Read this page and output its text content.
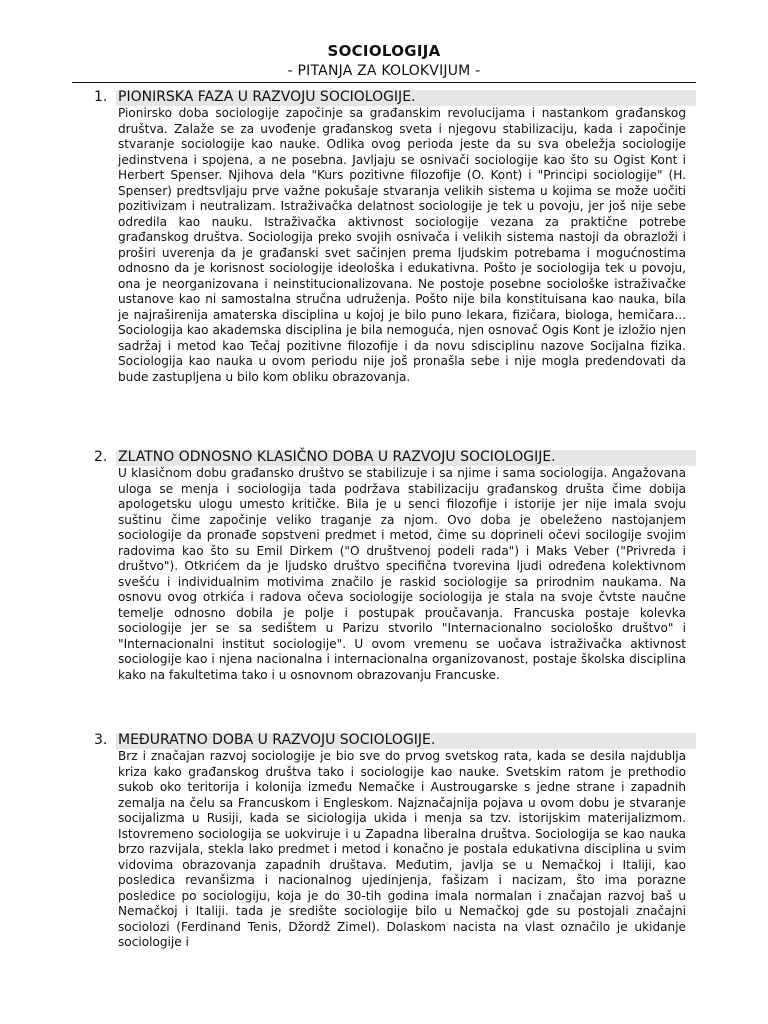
SOCIOLOGIJA
- PITANJA ZA KOLOKVIJUM -
1. PIONIRSKA FAZA U RAZVOJU SOCIOLOGIJE.
Pionirsko doba sociologije započinje sa građanskim revolucijama i nastankom građanskog društva. Zalaže se za uvođenje građanskog sveta i njegovu stabilizaciju, kada i započinje stvaranje sociologije kao nauke. Odlika ovog perioda jeste da su sva obeležja sociologije jedinstvena i spojena, a ne posebna. Javljaju se osnivači sociologije kao što su Ogist Kont i Herbert Spenser. Njihova dela "Kurs pozitivne filozofije (O. Kont) i "Principi sociologije" (H. Spenser) predtsvljaju prve važne pokušaje stvaranja velikih sistema u kojima se može uočiti pozitivizam i neutralizam. Istraživačka delatnost sociologije je tek u povoju, jer još nije sebe odredila kao nauku. Istraživačka aktivnost sociologije vezana za praktične potrebe građanskog društva. Sociologija preko svojih osnivača i velikih sistema nastoji da obrazloži i proširi uverenja da je građanski svet sačinjen prema ljudskim potrebama i mogućnostima odnosno da je korisnost sociologije ideološka i edukativna. Pošto je sociologija tek u povoju, ona je neorganizovana i neinstitucionalizovana. Ne postoje posebne sociološke istraživačke ustanove kao ni samostalna stručna udruženja. Pošto nije bila konstituisana kao nauka, bila je najraširenija amaterska disciplina u kojoj je bilo puno lekara, fizičara, biologa, hemičara... Sociologija kao akademska disciplina je bila nemoguća, njen osnovač Ogis Kont je izložio njen sadržaj i metod kao Tečaj pozitivne filozofije i da novu sdisciplinu nazove Socijalna fizika. Sociologija kao nauka u ovom periodu nije još pronašla sebe i nije mogla predendovati da bude zastupljena u bilo kom obliku obrazovanja.
2. ZLATNO ODNOSNO KLASIČNO DOBA U RAZVOJU SOCIOLOGIJE.
U klasičnom dobu građansko društvo se stabilizuje i sa njime i sama sociologija. Angažovana uloga se menja i sociologija tada podržava stabilizaciju građanskog društa čime dobija apologetsku ulogu umesto kritičke. Bila je u senci filozofije i istorije jer nije imala svoju suštinu čime započinje veliko traganje za njom. Ovo doba je obeleženo nastojanjem sociologije da pronađe sopstveni predmet i metod, čime su doprineli očevi socilogije svojim radovima kao što su Emil Dirkem ("O društvenoj podeli rada") i Maks Veber ("Privreda i društvo"). Otkrićem da je ljudsko društvo specifična tvorevina ljudi određena kolektivnom svešću i individualnim motivima značilo je raskid sociologije sa prirodnim naukama. Na osnovu ovog otrkića i radova očeva sociologije sociologija je stala na svoje čvtste naučne temelje odnosno dobila je polje i postupak proučavanja. Francuska postaje kolevka sociologije jer se sa sedištem u Parizu stvorilo "Internacionalno sociološko društvo" i "Internacionalni institut sociologije". U ovom vremenu se uočava istraživačka aktivnost sociologije kao i njena nacionalna i internacionalna organizovanost, postaje školska disciplina kako na fakultetima tako i u osnovnom obrazovanju Francuske.
3. MEĐURATNO DOBA U RAZVOJU SOCIOLOGIJE.
Brz i značajan razvoj sociologije je bio sve do prvog svetskog rata, kada se desila najdublja kriza kako građanskog društva tako i sociologije kao nauke. Svetskim ratom je prethodio sukob oko teritorija i kolonija između Nemačke i Austrougarske s jedne strane i zapadnih zemalja na čelu sa Francuskom i Engleskom. Najznačajnija pojava u ovom dobu je stvaranje socijalizma u Rusiji, kada se siciologija ukida i menja sa tzv. istorijskim materijalizmom. Istovremeno sociologija se uokviruje i u Zapadna liberalna društva. Sociologija se kao nauka brzo razvijala, stekla lako predmet i metod i konačno je postala edukativna disciplina u svim vidovima obrazovanja zapadnih društava. Međutim, javlja se u Nemačkoj i Italiji, kao posledica revanšizma i nacionalnog ujedinjenja, fašizam i nacizam, što ima porazne posledice po sociologiju, koja je do 30-tih godina imala normalan i značajan razvoj baš u Nemačkoj i Italiji. tada je središte sociologije bilo u Nemačkoj gde su postojali značajni sociolozi (Ferdinand Tenis, Džordž Zimel). Dolaskom nacista na vlast označilo je ukidanje sociologije i
